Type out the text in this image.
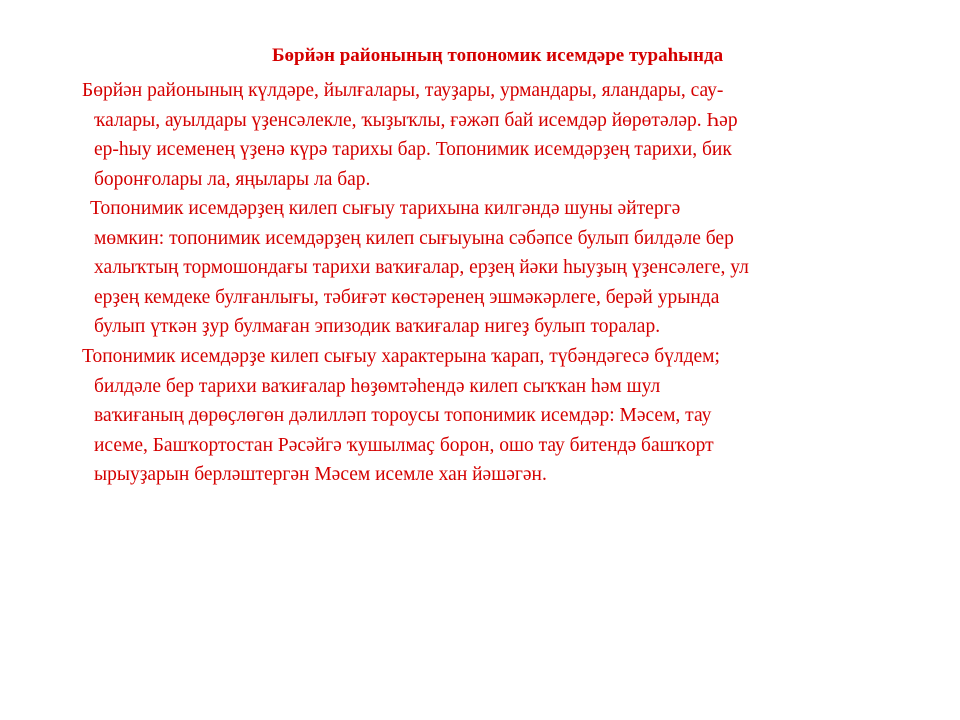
Бөрйән районының топономик исемдәре тураһында

Бөрйән районының күлдәре, йылғалары, тауҙары, урмандары, яландары, сау-
ҡалары, ауылдары үҙенсәлекле, ҡыҙыҡлы, ғәжәп бай исемдәр йөрөтәләр. Һәр
ер-һыу исеменең үҙенә күрә тарихы бар. Топонимик исемдәрҙең тарихи, бик
боронғолары ла, яңылары ла бар.

Топонимик исемдәрҙең килеп сығыу тарихына килгәндә шуны әйтергә
мөмкин: топонимик исемдәрҙең килеп сығыуына сәбәпсе булып билдәле бер
халыҡтың тормошондағы тарихи ваҡиғалар, ерҙең йәки һыуҙың үҙенсәлеге, ул
ерҙең кемдеке булғанлығы, тәбиғәт көстәренең эшмәкәрлеге, берәй урында
булып үткән ҙур булмаған эпизодик ваҡиғалар нигеҙ булып торалар.

Топонимик исемдәрҙе килеп сығыу характерына ҡарап, түбәндәгесә бүлдем;
билдәле бер тарихи ваҡиғалар һөҙөмтәһендә килеп сыҡҡан һәм шул
ваҡиғаның дөрөҫлөгөн дәлилләп тороусы топонимик исемдәр: Мәсем, тау
исеме, Башҡортостан Рәсәйгә ҡушылмаҫ борон, ошо тау битендә башҡорт
ырыуҙарын берләштергән Мәсем исемле хан йәшәгән.
